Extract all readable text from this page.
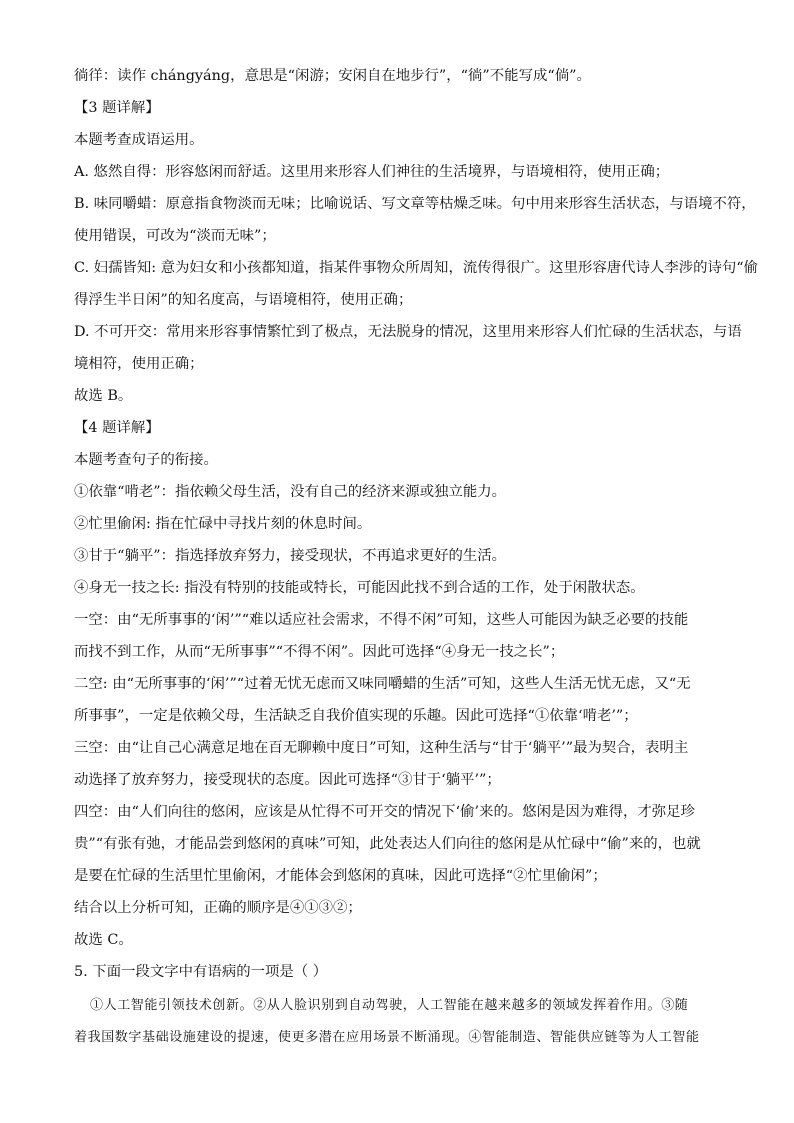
徜徉：读作 chángyáng，意思是“闲游；安闲自在地步行”，“徜”不能写成“倘”。
【3 题详解】
本题考查成语运用。
A. 悠然自得：形容悠闲而舒适。这里用来形容人们神往的生活境界，与语境相符，使用正确；
B. 味同嚼蜡：原意指食物淡而无味；比喻说话、写文章等枯燥乏味。句中用来形容生活状态，与语境不符，
使用错误，可改为“淡而无味”；
C. 妇孺皆知: 意为妇女和小孩都知道，指某件事物众所周知，流传得很广。这里形容唐代诗人李涉的诗句“偷
得浮生半日闲”的知名度高，与语境相符，使用正确；
D. 不可开交：常用来形容事情繁忙到了极点，无法脱身的情况，这里用来形容人们忙碌的生活状态，与语
境相符，使用正确；
故选 B。
【4 题详解】
本题考查句子的衔接。
①依靠“啃老”：指依赖父母生活，没有自己的经济来源或独立能力。
②忙里偷闲: 指在忙碌中寻找片刻的休息时间。
③甘于“躺平”：指选择放弃努力，接受现状，不再追求更好的生活。
④身无一技之长: 指没有特别的技能或特长，可能因此找不到合适的工作，处于闲散状态。
一空：由“无所事事的‘闲’”“难以适应社会需求，不得不闲”可知，这些人可能因为缺乏必要的技能
而找不到工作，从而“无所事事”“不得不闲”。因此可选择“④身无一技之长”；
二空: 由“无所事事的‘闲’”“过着无忧无虑而又味同嚼蜡的生活”可知，这些人生活无忧无虑，又“无
所事事”，一定是依赖父母，生活缺乏自我价值实现的乐趣。因此可选择“①依靠‘啃老’”；
三空：由“让自己心满意足地在百无聊赖中度日”可知，这种生活与“甘于‘躺平’”最为契合，表明主
动选择了放弃努力，接受现状的态度。因此可选择“③甘于‘躺平’”；
四空：由“人们向往的悠闲，应该是从忙得不可开交的情况下‘偷’来的。悠闲是因为难得，才弥足珍
贵”“有张有弛，才能品尝到悠闲的真味”可知，此处表达人们向往的悠闲是从忙碌中“偷”来的，也就
是要在忙碌的生活里忙里偷闲，才能体会到悠闲的真味，因此可选择“②忙里偷闲”；
结合以上分析可知，正确的顺序是④①③②；
故选 C。
5. 下面一段文字中有语病的一项是（ ）
①人工智能引领技术创新。②从人脸识别到自动驾驶，人工智能在越来越多的领域发挥着作用。③随
着我国数字基础设施建设的提速，使更多潜在应用场景不断涌现。④智能制造、智能供应链等为人工智能
